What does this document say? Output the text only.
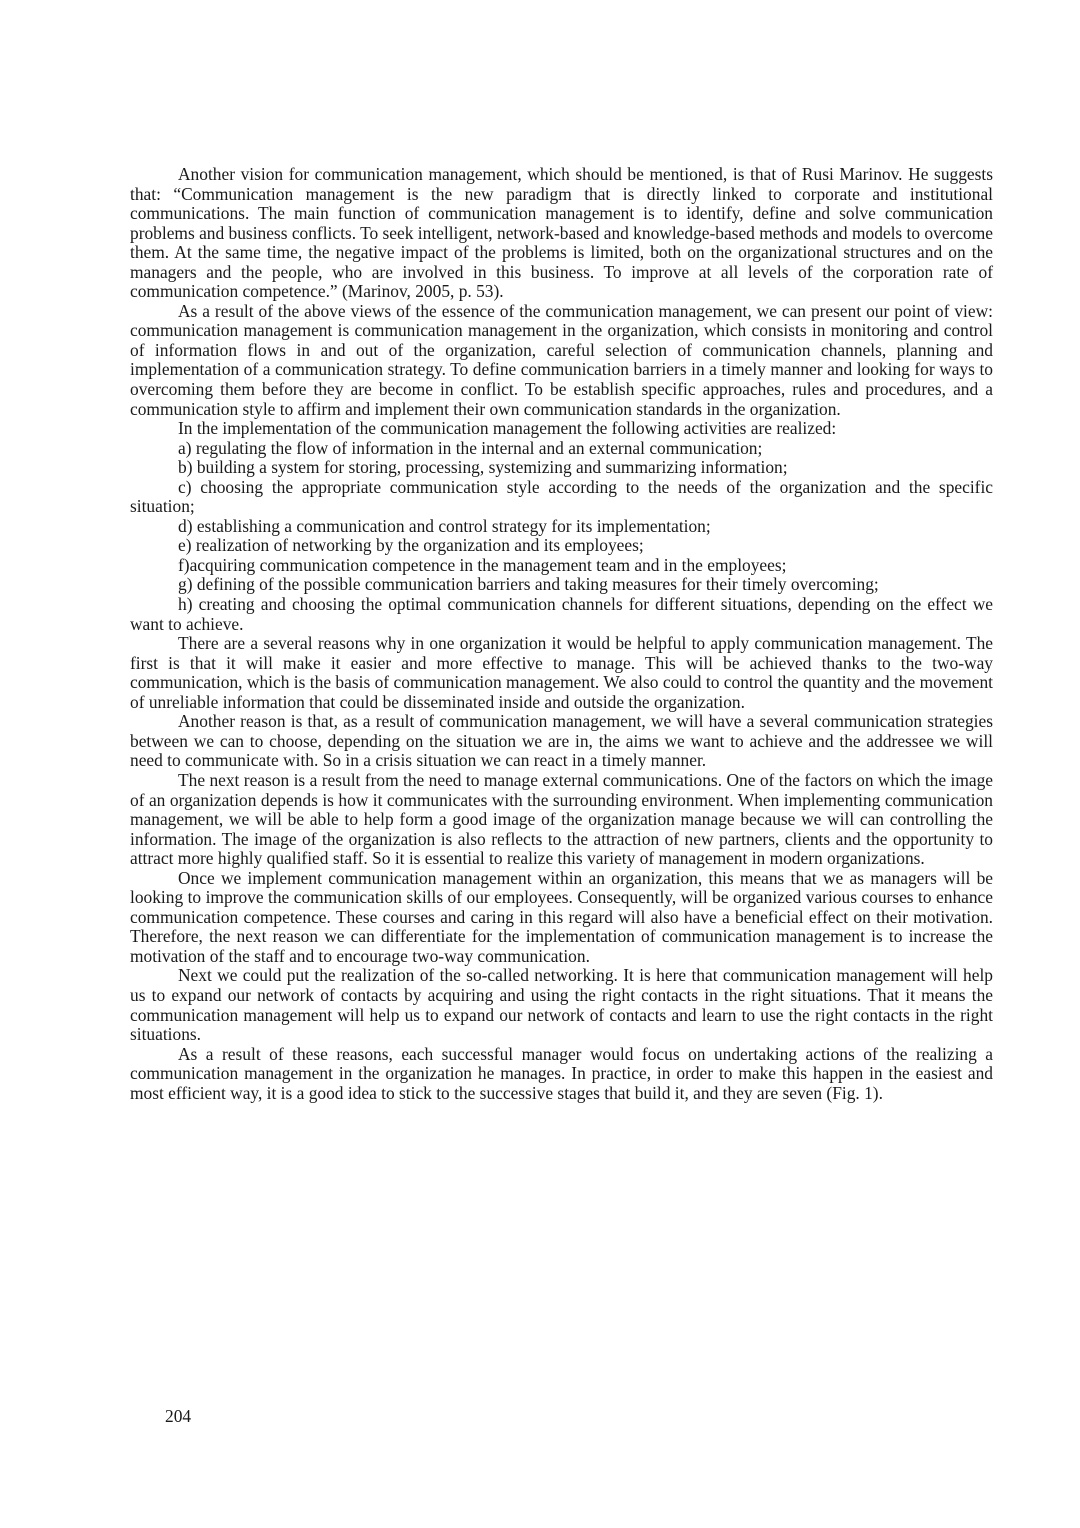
Another vision for communication management, which should be mentioned, is that of Rusi Marinov. He suggests that: “Communication management is the new paradigm that is directly linked to corporate and institutional communications. The main function of communication management is to identify, define and solve communication problems and business conflicts. To seek intelligent, network-based and knowledge-based methods and models to overcome them. At the same time, the negative impact of the problems is limited, both on the organizational structures and on the managers and the people, who are involved in this business. To improve at all levels of the corporation rate of communication competence.” (Marinov, 2005, p. 53).

As a result of the above views of the essence of the communication management, we can present our point of view: communication management is communication management in the organization, which consists in monitoring and control of information flows in and out of the organization, careful selection of communication channels, planning and implementation of a communication strategy. To define communication barriers in a timely manner and looking for ways to overcoming them before they are become in conflict. To be establish specific approaches, rules and procedures, and a communication style to affirm and implement their own communication standards in the organization.

In the implementation of the communication management the following activities are realized:

a) regulating the flow of information in the internal and an external communication;

b) building a system for storing, processing, systemizing and summarizing information;

c) choosing the appropriate communication style according to the needs of the organization and the specific situation;

d) establishing a communication and control strategy for its implementation;

e) realization of networking by the organization and its employees;

f)acquiring communication competence in the management team and in the employees;

g) defining of the possible communication barriers and taking measures for their timely overcoming;

h) creating and choosing the optimal communication channels for different situations, depending on the effect we want to achieve.

There are a several reasons why in one organization it would be helpful to apply communication management. The first is that it will make it easier and more effective to manage. This will be achieved thanks to the two-way communication, which is the basis of communication management. We also could to control the quantity and the movement of unreliable information that could be disseminated inside and outside the organization.

Another reason is that, as a result of communication management, we will have a several communication strategies between we can to choose, depending on the situation we are in, the aims we want to achieve and the addressee we will need to communicate with. So in a crisis situation we can react in a timely manner.

The next reason is a result from the need to manage external communications. One of the factors on which the image of an organization depends is how it communicates with the surrounding environment. When implementing communication management, we will be able to help form a good image of the organization manage because we will can controlling the information. The image of the organization is also reflects to the attraction of new partners, clients and the opportunity to attract more highly qualified staff. So it is essential to realize this variety of management in modern organizations.

Once we implement communication management within an organization, this means that we as managers will be looking to improve the communication skills of our employees. Consequently, will be organized various courses to enhance communication competence. These courses and caring in this regard will also have a beneficial effect on their motivation. Therefore, the next reason we can differentiate for the implementation of communication management is to increase the motivation of the staff and to encourage two-way communication.

Next we could put the realization of the so-called networking. It is here that communication management will help us to expand our network of contacts by acquiring and using the right contacts in the right situations. That it means the communication management will help us to expand our network of contacts and learn to use the right contacts in the right situations.

As a result of these reasons, each successful manager would focus on undertaking actions of the realizing a communication management in the organization he manages. In practice, in order to make this happen in the easiest and most efficient way, it is a good idea to stick to the successive stages that build it, and they are seven (Fig. 1).

204
